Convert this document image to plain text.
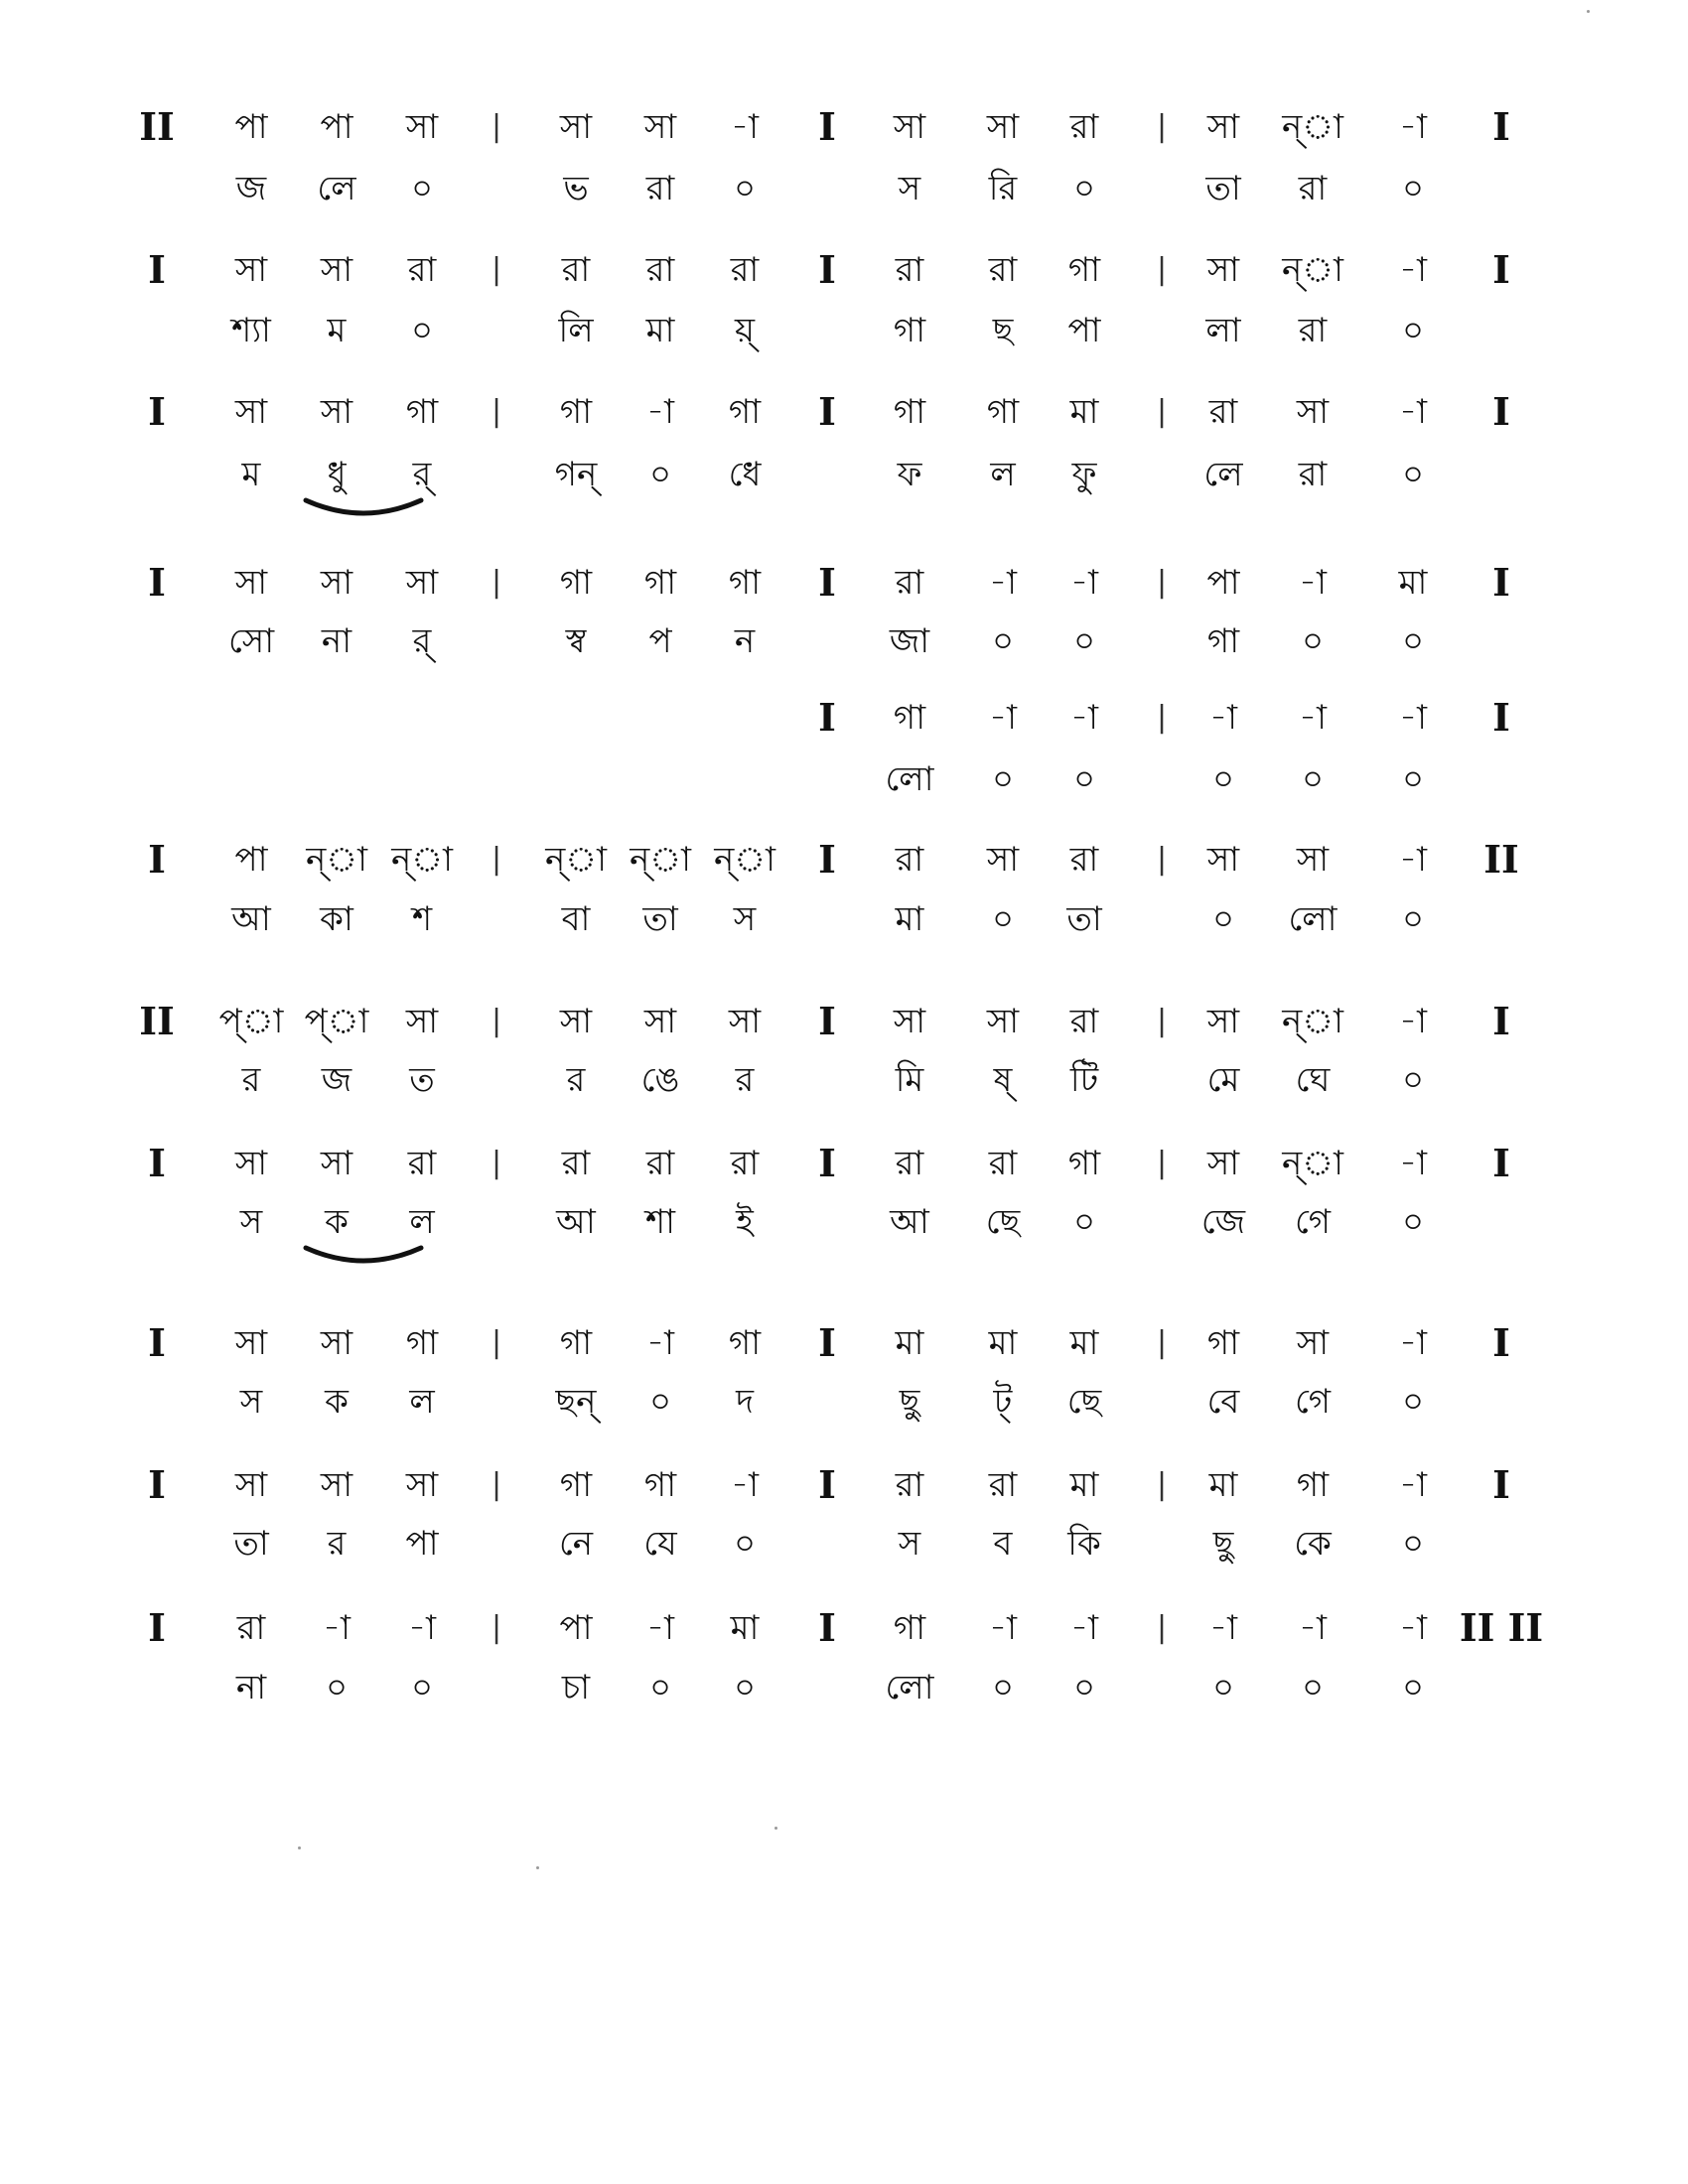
II পা পা সা | সা সা -া I সা সা রা | সা ন্া -া I
জ লে ০	ভ রা ০	স রি ০	তা রা ০
I সা সা রা | রা রা রা I রা রা গা | সা ন্া -া I
শ্যা ম ০	লি মা য়্	গা ছ পা	লা রা ০
I সা সা গা | গা -া গা I গা গা মা | রা সা -া I
ম ধু র্	গন্ ০ ধে	ফ ল ফু	লে রা ০
I সা সা সা | গা গা গা I রা -া -া | পা -া মা I
সো না র্	স্ব প ন	জা ০ ০	গা ০ ০
I গা -া -া | -া -া -া I
লো ০ ০	০ ০ ০
I পা ন্া ন্া | ন্া ন্া ন্া I রা সা রা | সা সা -া II
আ কা শ	বা তা স	মা ০ তা	০ লো ০
II প্া প্া সা | সা সা সা I সা সা রা | সা ন্া -া I
র জ ত	র ঙে র	মি ষ্ টি	মে ঘে ০
I সা সা রা | রা রা রা I রা রা গা | সা ন্া -া I
স ক ল	আ শা ই	আ ছে ০	জে গে ০
I সা সা গা | গা -া গা I মা মা মা | গা সা -া I
স ক ল	ছন্ ০ দ	ছু ট্ ছে	বে গে ০
I সা সা সা | গা গা -া I রা রা মা | মা গা -া I
তা র পা	নে যে ০	স ব কি	ছু কে ০
I রা -া -া | পা -া মা I গা -া -া | -া -া -া II II
না ০ ০	চা ০ ০	লো ০ ০	০ ০ ০
